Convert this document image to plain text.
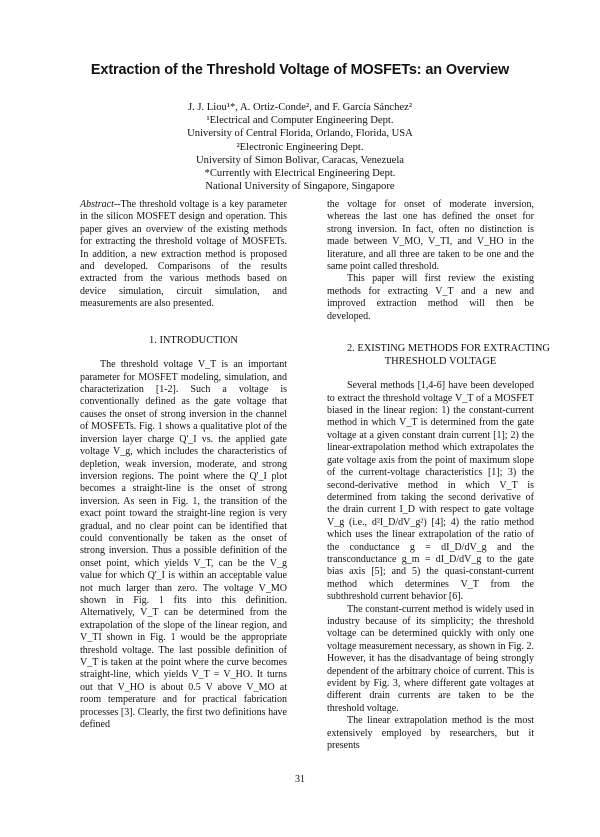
Extraction of the Threshold Voltage of MOSFETs: an Overview
J. J. Liou¹*, A. Ortiz-Conde², and F. García Sánchez²
¹Electrical and Computer Engineering Dept.
University of Central Florida, Orlando, Florida, USA
²Electronic Engineering Dept.
University of Simon Bolivar, Caracas, Venezuela
*Currently with Electrical Engineering Dept.
National University of Singapore, Singapore

Abstract--The threshold voltage is a key parameter in the silicon MOSFET design and operation. This paper gives an overview of the existing methods for extracting the threshold voltage of MOSFETs. In addition, a new extraction method is proposed and developed. Comparisons of the results extracted from the various methods based on device simulation, circuit simulation, and measurements are also presented.

1. INTRODUCTION

The threshold voltage V_T is an important parameter for MOSFET modeling, simulation, and characterization [1-2]. Such a voltage is conventionally defined as the gate voltage that causes the onset of strong inversion in the channel of MOSFETs. Fig. 1 shows a qualitative plot of the inversion layer charge Q'_I vs. the applied gate voltage V_g, which includes the characteristics of depletion, weak inversion, moderate, and strong inversion regions. The point where the Q'_I plot becomes a straight-line is the onset of strong inversion. As seen in Fig. 1, the transition of the exact point toward the straight-line region is very gradual, and no clear point can be identified that could conventionally be taken as the onset of strong inversion. Thus a possible definition of the onset point, which yields V_T, can be the V_g value for which Q'_I is within an acceptable value not much larger than zero. The voltage V_MO shown in Fig. 1 fits into this definition. Alternatively, V_T can be determined from the extrapolation of the slope of the linear region, and V_TI shown in Fig. 1 would be the appropriate threshold voltage. The last possible definition of V_T is taken at the point where the curve becomes straight-line, which yields V_T = V_HO. It turns out that V_HO is about 0.5 V above V_MO at room temperature and for practical fabrication processes [3]. Clearly, the first two definitions have defined

the voltage for onset of moderate inversion, whereas the last one has defined the onset for strong inversion. In fact, often no distinction is made between V_MO, V_TI, and V_HO in the literature, and all three are taken to be one and the same point called threshold.

This paper will first review the existing methods for extracting V_T and a new and improved extraction method will then be developed.

2. EXISTING METHODS FOR EXTRACTING

THRESHOLD VOLTAGE

Several methods [1,4-6] have been developed to extract the threshold voltage V_T of a MOSFET biased in the linear region: 1) the constant-current method in which V_T is determined from the gate voltage at a given constant drain current [1]; 2) the linear-extrapolation method which extrapolates the gate voltage axis from the point of maximum slope of the current-voltage characteristics [1]; 3) the second-derivative method in which V_T is determined from taking the second derivative of the drain current I_D with respect to gate voltage V_g (i.e., d²I_D/dV_g²) [4]; 4) the ratio method which uses the linear extrapolation of the ratio of the conductance g = dI_D/dV_g and the transconductance g_m = dI_D/dV_g to the gate bias axis [5]; and 5) the quasi-constant-current method which determines V_T from the subthreshold current behavior [6].

The constant-current method is widely used in industry because of its simplicity; the threshold voltage can be determined quickly with only one voltage measurement necessary, as shown in Fig. 2. However, it has the disadvantage of being strongly dependent of the arbitrary choice of current. This is evident by Fig. 3, where different gate voltages at different drain currents are taken to be the threshold voltage.

The linear extrapolation method is the most extensively employed by researchers, but it presents

31
